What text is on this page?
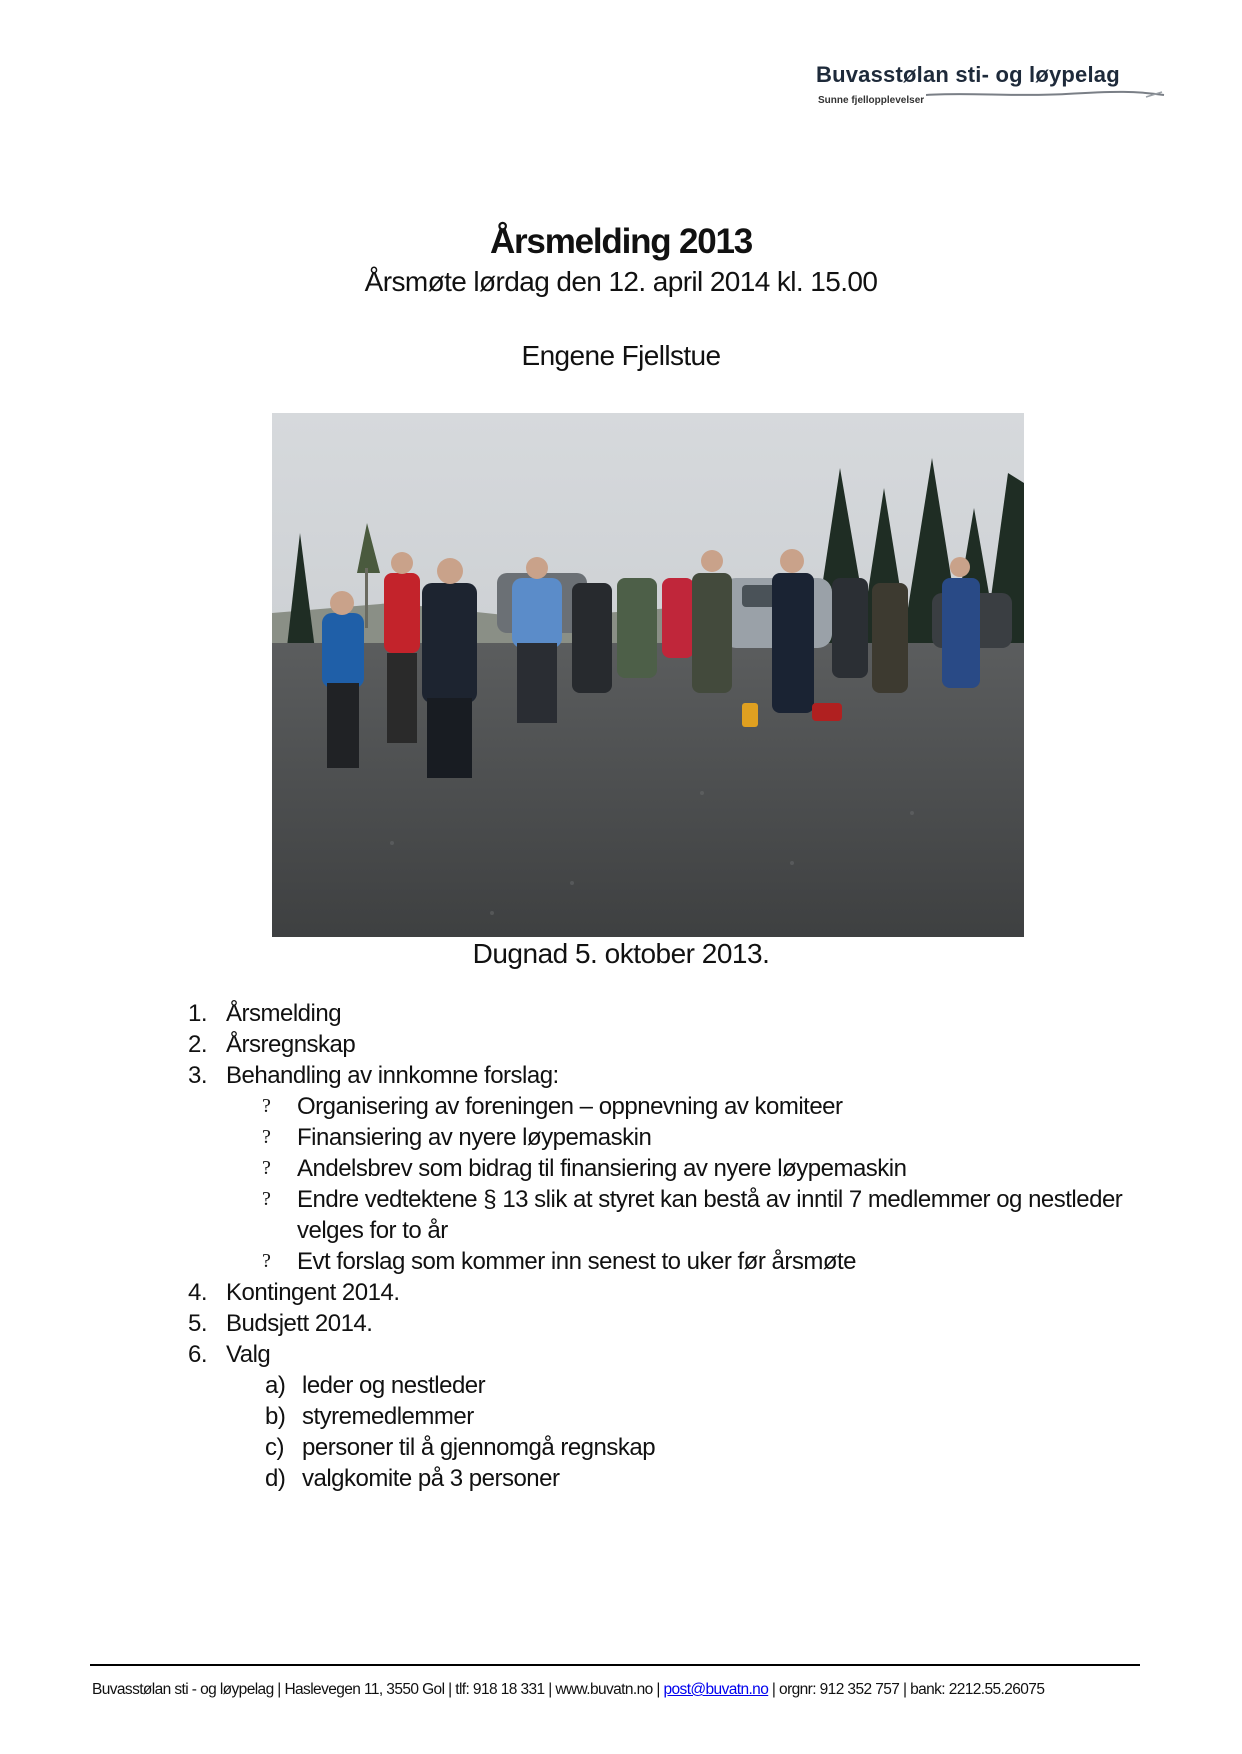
Buvasstølan sti- og løypelag
Sunne fjellopplevelser
Årsmelding 2013
Årsmøte lørdag den 12. april 2014 kl. 15.00
Engene Fjellstue
Dugnad 5. oktober 2013.
1. Årsmelding
2. Årsregnskap
3. Behandling av innkomne forslag:
? Organisering av foreningen – oppnevning av komiteer
? Finansiering av nyere løypemaskin
? Andelsbrev som bidrag til finansiering av nyere løypemaskin
? Endre vedtektene § 13 slik at styret kan bestå av inntil 7 medlemmer og nestleder velges for to år
? Evt forslag som kommer inn senest to uker før årsmøte
4. Kontingent 2014.
5. Budsjett 2014.
6. Valg
a) leder og nestleder
b) styremedlemmer
c) personer til å gjennomgå regnskap
d) valgkomite på 3 personer
Buvasstølan sti - og løypelag | Haslevegen 11, 3550 Gol | tlf: 918 18 331 | www.buvatn.no | post@buvatn.no | orgnr: 912 352 757 | bank: 2212.55.26075
